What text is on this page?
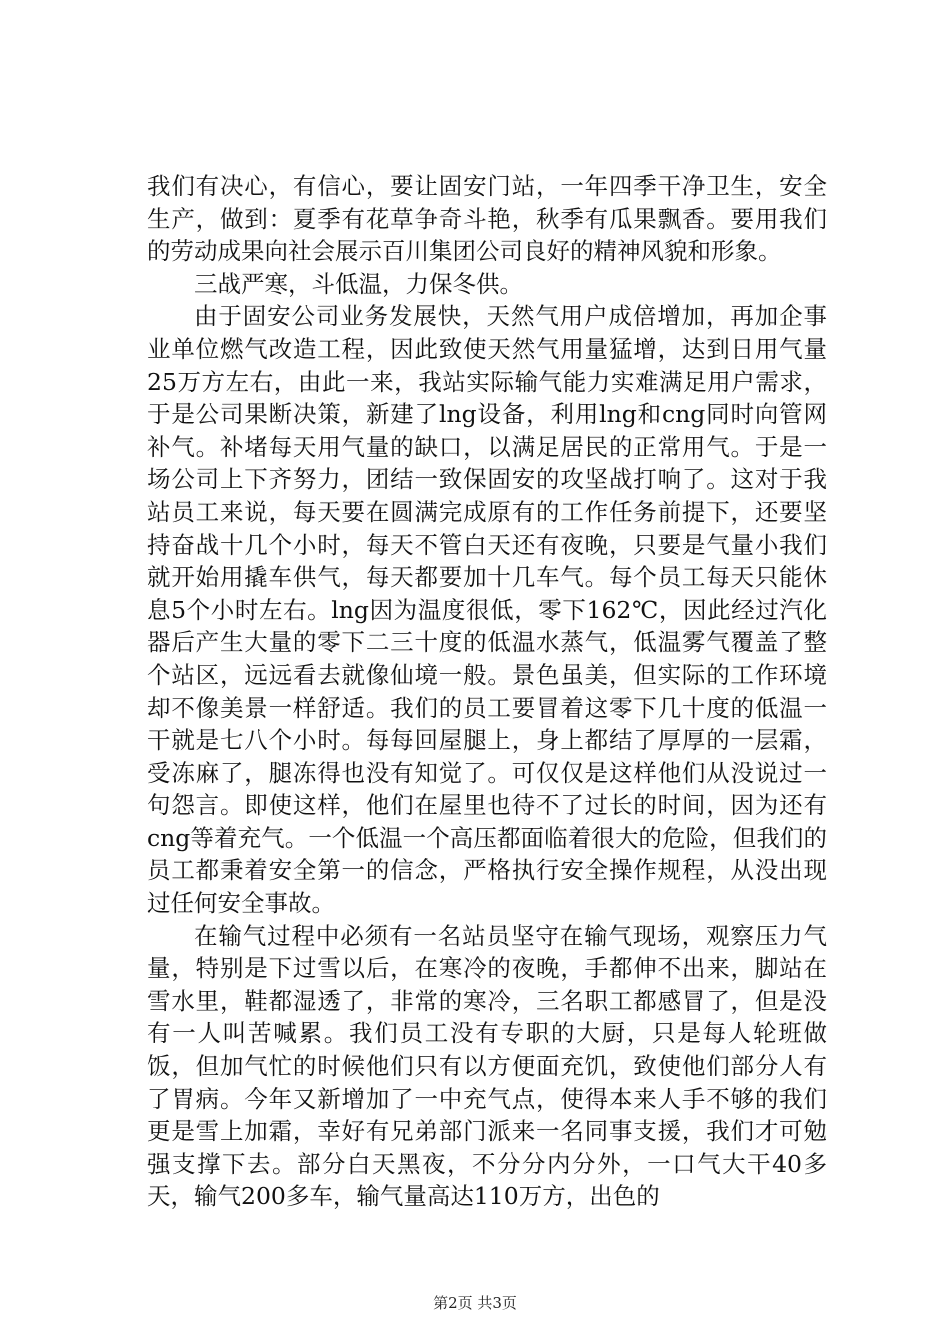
我们有决心，有信心，要让固安门站，一年四季干净卫生，安全生产，做到：夏季有花草争奇斗艳，秋季有瓜果飘香。要用我们的劳动成果向社会展示百川集团公司良好的精神风貌和形象。

三战严寒，斗低温，力保冬供。

由于固安公司业务发展快，天然气用户成倍增加，再加企事业单位燃气改造工程，因此致使天然气用量猛增，达到日用气量25万方左右，由此一来，我站实际输气能力实难满足用户需求，于是公司果断决策，新建了lng设备，利用lng和cng同时向管网补气。补堵每天用气量的缺口，以满足居民的正常用气。于是一场公司上下齐努力，团结一致保固安的攻坚战打响了。这对于我站员工来说，每天要在圆满完成原有的工作任务前提下，还要坚持奋战十几个小时，每天不管白天还有夜晚，只要是气量小我们就开始用撬车供气，每天都要加十几车气。每个员工每天只能休息5个小时左右。lng因为温度很低，零下162℃，因此经过汽化器后产生大量的零下二三十度的低温水蒸气，低温雾气覆盖了整个站区，远远看去就像仙境一般。景色虽美，但实际的工作环境却不像美景一样舒适。我们的员工要冒着这零下几十度的低温一干就是七八个小时。每每回屋腿上，身上都结了厚厚的一层霜，受冻麻了，腿冻得也没有知觉了。可仅仅是这样他们从没说过一句怨言。即使这样，他们在屋里也待不了过长的时间，因为还有cng等着充气。一个低温一个高压都面临着很大的危险，但我们的员工都秉着安全第一的信念，严格执行安全操作规程，从没出现过任何安全事故。

在输气过程中必须有一名站员坚守在输气现场，观察压力气量，特别是下过雪以后，在寒冷的夜晚，手都伸不出来，脚站在雪水里，鞋都湿透了，非常的寒冷，三名职工都感冒了，但是没有一人叫苦喊累。我们员工没有专职的大厨，只是每人轮班做饭，但加气忙的时候他们只有以方便面充饥，致使他们部分人有了胃病。今年又新增加了一中充气点，使得本来人手不够的我们更是雪上加霜，幸好有兄弟部门派来一名同事支援，我们才可勉强支撑下去。部分白天黑夜，不分分内分外，一口气大干40多天，输气200多车，输气量高达110万方，出色的

第2页 共3页
